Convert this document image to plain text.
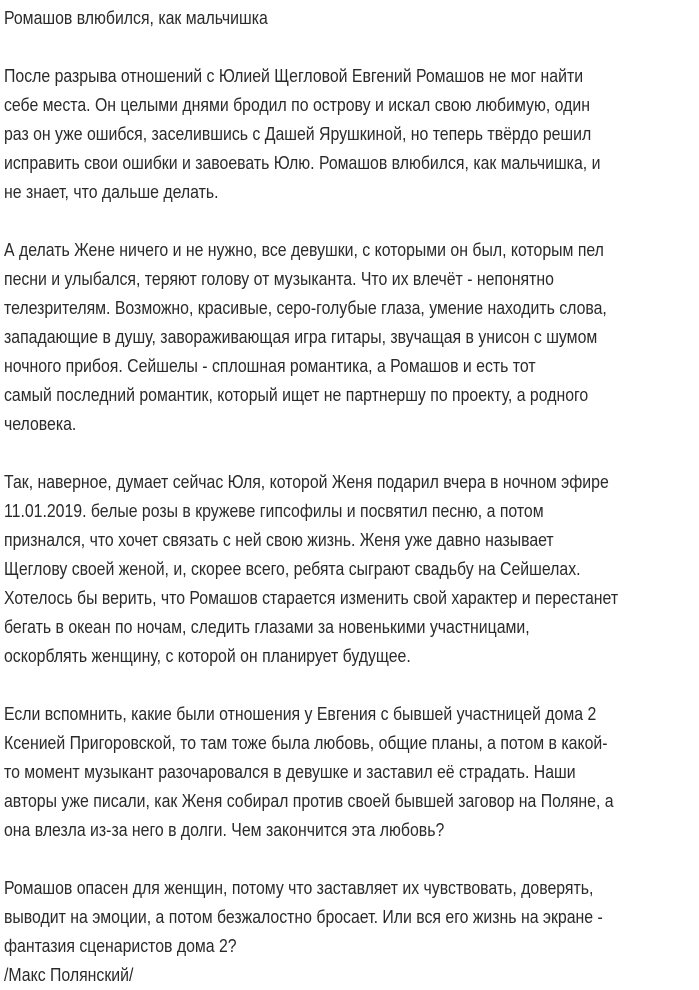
Ромашов влюбился, как мальчишка
После разрыва отношений с Юлией Щегловой Евгений Ромашов не мог найти
себе места. Он целыми днями бродил по острову и искал свою любимую, один
раз он уже ошибся, заселившись с Дашей Ярушкиной, но теперь твёрдо решил
исправить свои ошибки и завоевать Юлю. Ромашов влюбился, как мальчишка, и
не знает, что дальше делать.
А делать Жене ничего и не нужно, все девушки, с которыми он был, которым пел
песни и улыбался, теряют голову от музыканта. Что их влечёт - непонятно
телезрителям. Возможно, красивые, серо-голубые глаза, умение находить слова,
западающие в душу, завораживающая игра гитары, звучащая в унисон с шумом
ночного прибоя. Сейшелы - сплошная романтика, а Ромашов и есть тот
самый последний романтик, который ищет не партнершу по проекту, а родного
человека.
Так, наверное, думает сейчас Юля, которой Женя подарил вчера в ночном эфире
11.01.2019. белые розы в кружеве гипсофилы и посвятил песню, а потом
признался, что хочет связать с ней свою жизнь. Женя уже давно называет
Щеглову своей женой, и, скорее всего, ребята сыграют свадьбу на Сейшелах.
Хотелось бы верить, что Ромашов старается изменить свой характер и перестанет
бегать в океан по ночам, следить глазами за новенькими участницами,
оскорблять женщину, с которой он планирует будущее.
Если вспомнить, какие были отношения у Евгения с бывшей участницей дома 2
Ксенией Пригоровской, то там тоже была любовь, общие планы, а потом в какой-
то момент музыкант разочаровался в девушке и заставил её страдать. Наши
авторы уже писали, как Женя собирал против своей бывшей заговор на Поляне, а
она влезла из-за него в долги. Чем закончится эта любовь?
Ромашов опасен для женщин, потому что заставляет их чувствовать, доверять,
выводит на эмоции, а потом безжалостно бросает. Или вся его жизнь на экране -
фантазия сценаристов дома 2?
/Макс Полянский/
